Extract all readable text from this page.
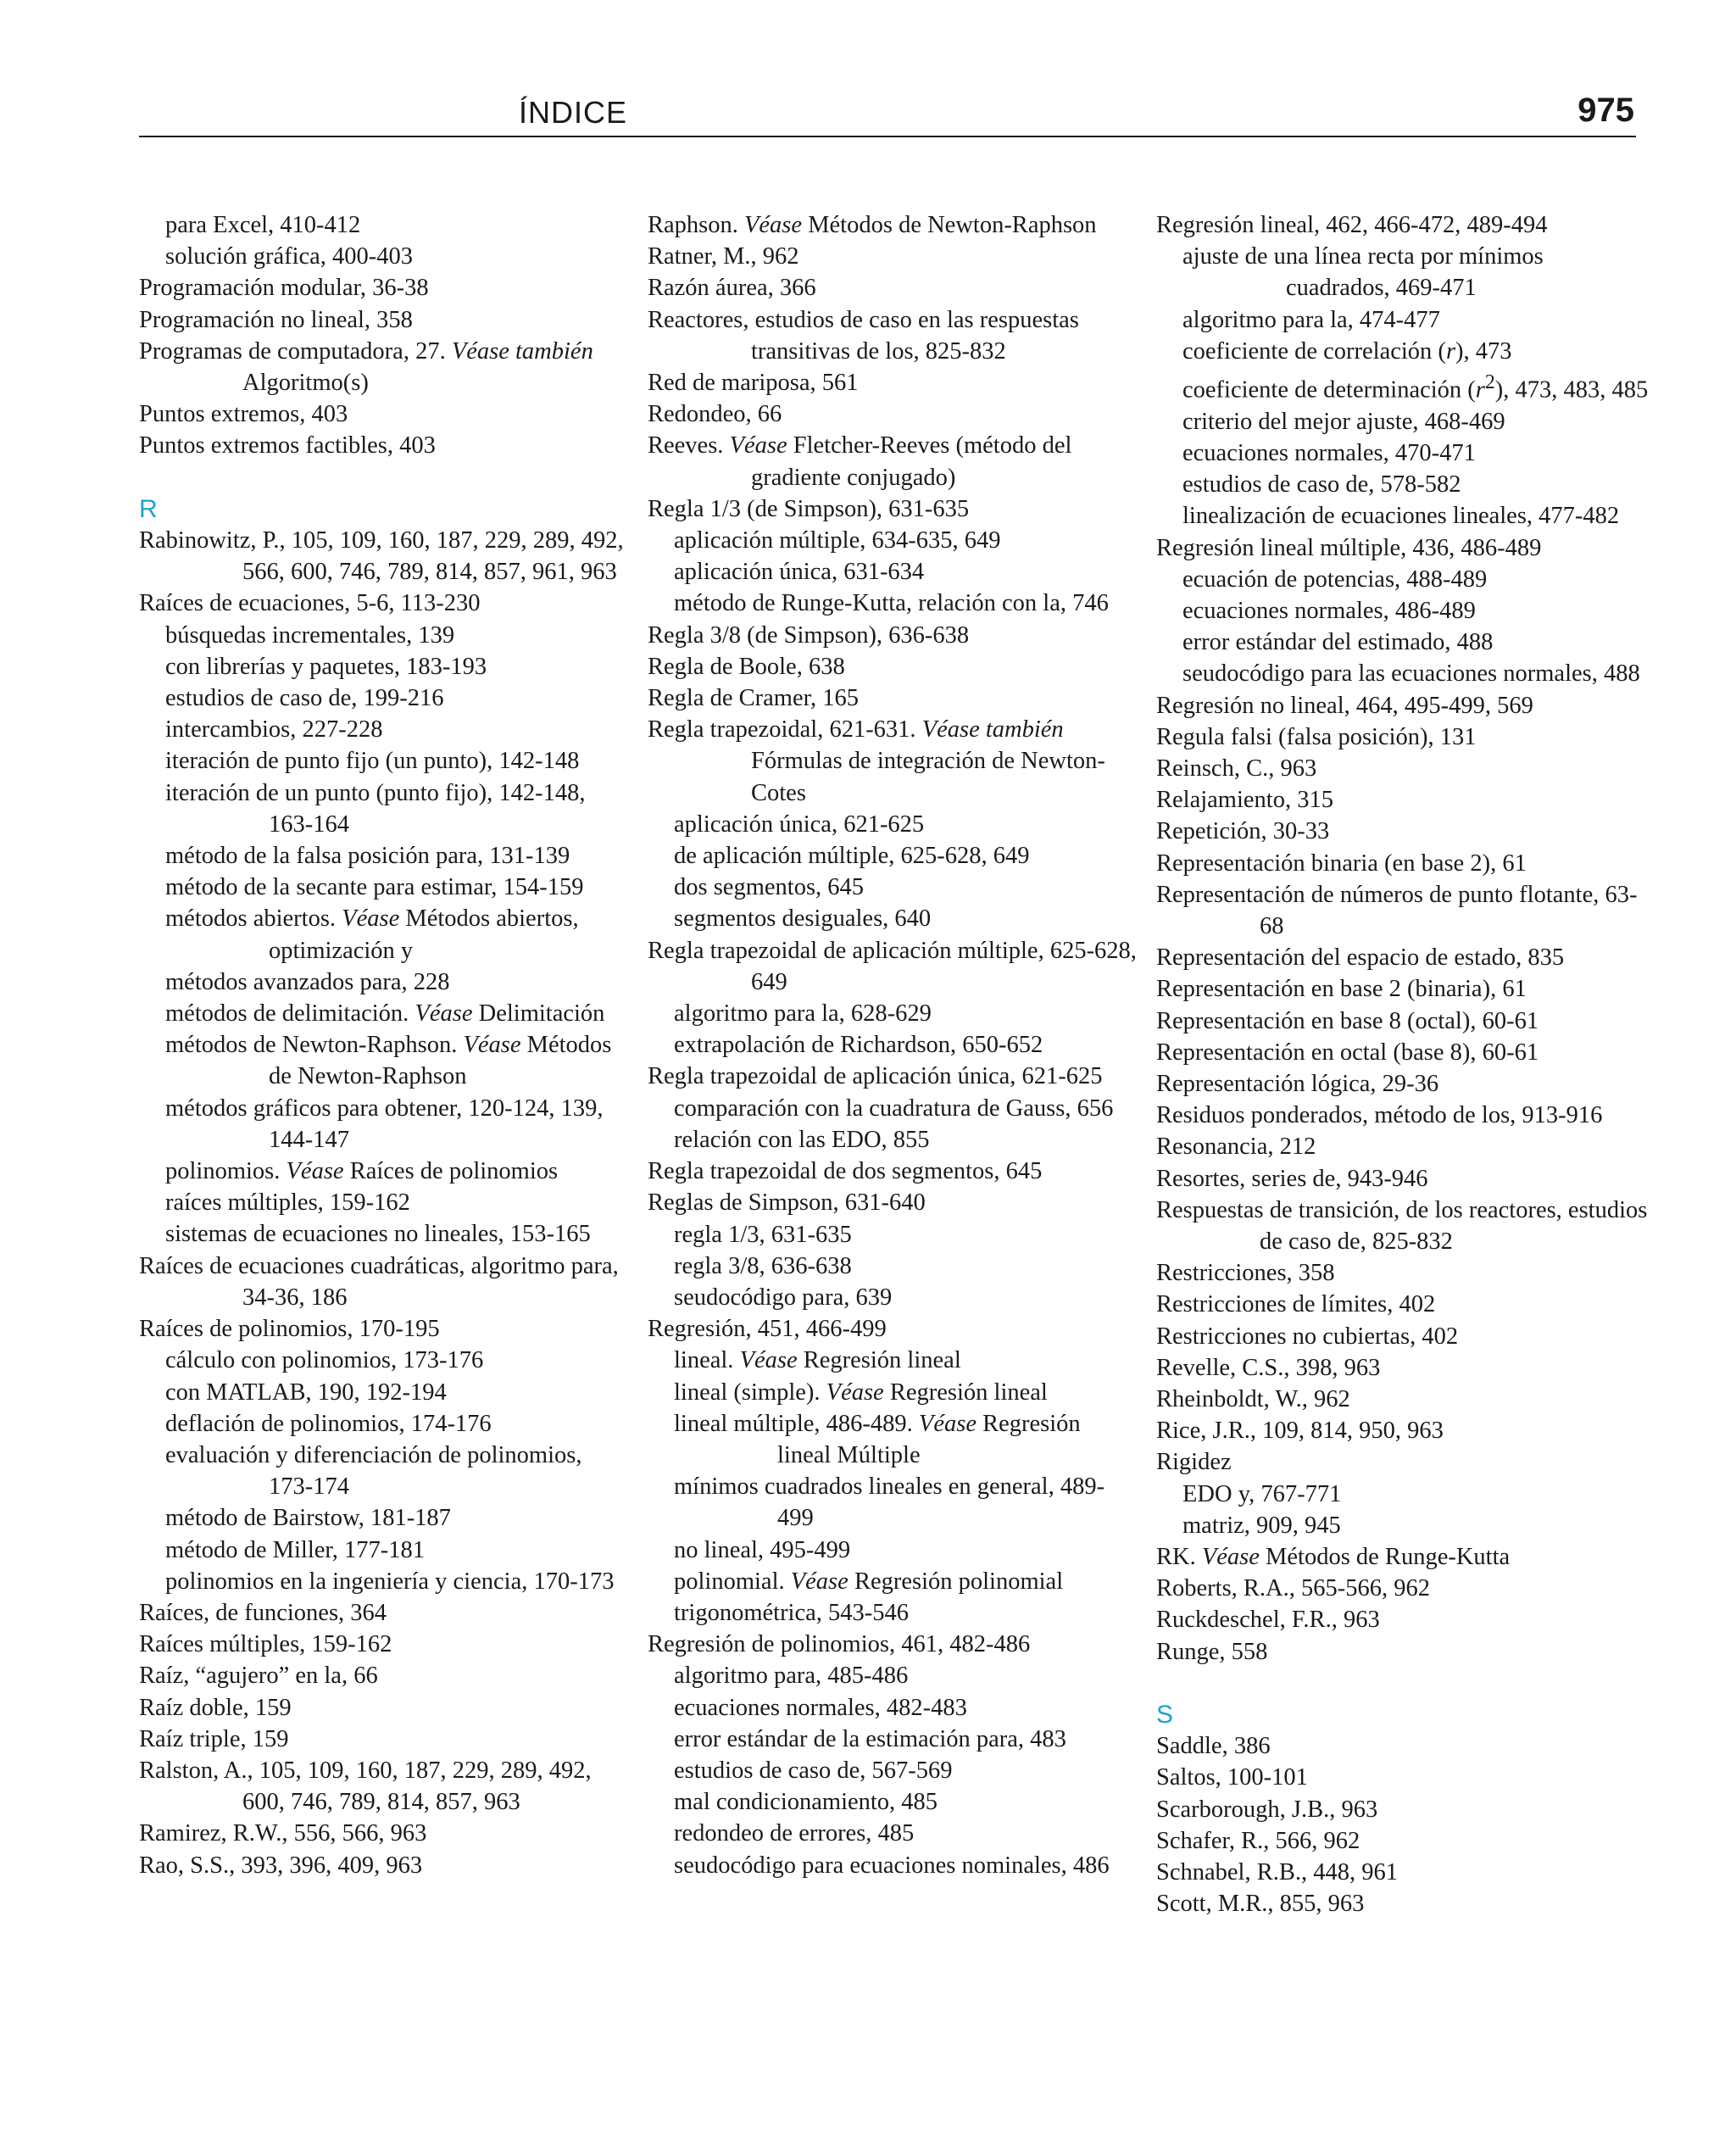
ÍNDICE	975
para Excel, 410-412
solución gráfica, 400-403
Programación modular, 36-38
Programación no lineal, 358
Programas de computadora, 27. Véase también Algoritmo(s)
Puntos extremos, 403
Puntos extremos factibles, 403
R
Rabinowitz, P., 105, 109, 160, 187, 229, 289, 492, 566, 600, 746, 789, 814, 857, 961, 963
Raíces de ecuaciones, 5-6, 113-230
búsquedas incrementales, 139
con librerías y paquetes, 183-193
estudios de caso de, 199-216
intercambios, 227-228
iteración de punto fijo (un punto), 142-148
iteración de un punto (punto fijo), 142-148, 163-164
método de la falsa posición para, 131-139
método de la secante para estimar, 154-159
métodos abiertos. Véase Métodos abiertos, optimización y
métodos avanzados para, 228
métodos de delimitación. Véase Delimitación
métodos de Newton-Raphson. Véase Métodos de Newton-Raphson
métodos gráficos para obtener, 120-124, 139, 144-147
polinomios. Véase Raíces de polinomios
raíces múltiples, 159-162
sistemas de ecuaciones no lineales, 153-165
Raíces de ecuaciones cuadráticas, algoritmo para, 34-36, 186
Raíces de polinomios, 170-195
cálculo con polinomios, 173-176
con MATLAB, 190, 192-194
deflación de polinomios, 174-176
evaluación y diferenciación de polinomios, 173-174
método de Bairstow, 181-187
método de Miller, 177-181
polinomios en la ingeniería y ciencia, 170-173
Raíces, de funciones, 364
Raíces múltiples, 159-162
Raíz, “agujero” en la, 66
Raíz doble, 159
Raíz triple, 159
Ralston, A., 105, 109, 160, 187, 229, 289, 492, 600, 746, 789, 814, 857, 963
Ramirez, R.W., 556, 566, 963
Rao, S.S., 393, 396, 409, 963
Raphson. Véase Métodos de Newton-Raphson
Ratner, M., 962
Razón áurea, 366
Reactores, estudios de caso en las respuestas transitivas de los, 825-832
Red de mariposa, 561
Redondeo, 66
Reeves. Véase Fletcher-Reeves (método del gradiente conjugado)
Regla 1/3 (de Simpson), 631-635
aplicación múltiple, 634-635, 649
aplicación única, 631-634
método de Runge-Kutta, relación con la, 746
Regla 3/8 (de Simpson), 636-638
Regla de Boole, 638
Regla de Cramer, 165
Regla trapezoidal, 621-631. Véase también Fórmulas de integración de Newton-Cotes
aplicación única, 621-625
de aplicación múltiple, 625-628, 649
dos segmentos, 645
segmentos desiguales, 640
Regla trapezoidal de aplicación múltiple, 625-628, 649
algoritmo para la, 628-629
extrapolación de Richardson, 650-652
Regla trapezoidal de aplicación única, 621-625
comparación con la cuadratura de Gauss, 656
relación con las EDO, 855
Regla trapezoidal de dos segmentos, 645
Reglas de Simpson, 631-640
regla 1/3, 631-635
regla 3/8, 636-638
seudocódigo para, 639
Regresión, 451, 466-499
lineal. Véase Regresión lineal
lineal (simple). Véase Regresión lineal
lineal múltiple, 486-489. Véase Regresión lineal Múltiple
mínimos cuadrados lineales en general, 489-499
no lineal, 495-499
polinomial. Véase Regresión polinomial
trigonométrica, 543-546
Regresión de polinomios, 461, 482-486
algoritmo para, 485-486
ecuaciones normales, 482-483
error estándar de la estimación para, 483
estudios de caso de, 567-569
mal condicionamiento, 485
redondeo de errores, 485
seudocódigo para ecuaciones nominales, 486
Regresión lineal, 462, 466-472, 489-494
ajuste de una línea recta por mínimos cuadrados, 469-471
algoritmo para la, 474-477
coeficiente de correlación (r), 473
coeficiente de determinación $(r^2)$, 473, 483, 485
criterio del mejor ajuste, 468-469
ecuaciones normales, 470-471
estudios de caso de, 578-582
linealización de ecuaciones lineales, 477-482
Regresión lineal múltiple, 436, 486-489
ecuación de potencias, 488-489
ecuaciones normales, 486-489
error estándar del estimado, 488
seudocódigo para las ecuaciones normales, 488
Regresión no lineal, 464, 495-499, 569
Regula falsi (falsa posición), 131
Reinsch, C., 963
Relajamiento, 315
Repetición, 30-33
Representación binaria (en base 2), 61
Representación de números de punto flotante, 63-68
Representación del espacio de estado, 835
Representación en base 2 (binaria), 61
Representación en base 8 (octal), 60-61
Representación en octal (base 8), 60-61
Representación lógica, 29-36
Residuos ponderados, método de los, 913-916
Resonancia, 212
Resortes, series de, 943-946
Respuestas de transición, de los reactores, estudios de caso de, 825-832
Restricciones, 358
Restricciones de límites, 402
Restricciones no cubiertas, 402
Revelle, C.S., 398, 963
Rheinboldt, W., 962
Rice, J.R., 109, 814, 950, 963
Rigidez
EDO y, 767-771
matriz, 909, 945
RK. Véase Métodos de Runge-Kutta
Roberts, R.A., 565-566, 962
Ruckdeschel, F.R., 963
Runge, 558
S
Saddle, 386
Saltos, 100-101
Scarborough, J.B., 963
Schafer, R., 566, 962
Schnabel, R.B., 448, 961
Scott, M.R., 855, 963
